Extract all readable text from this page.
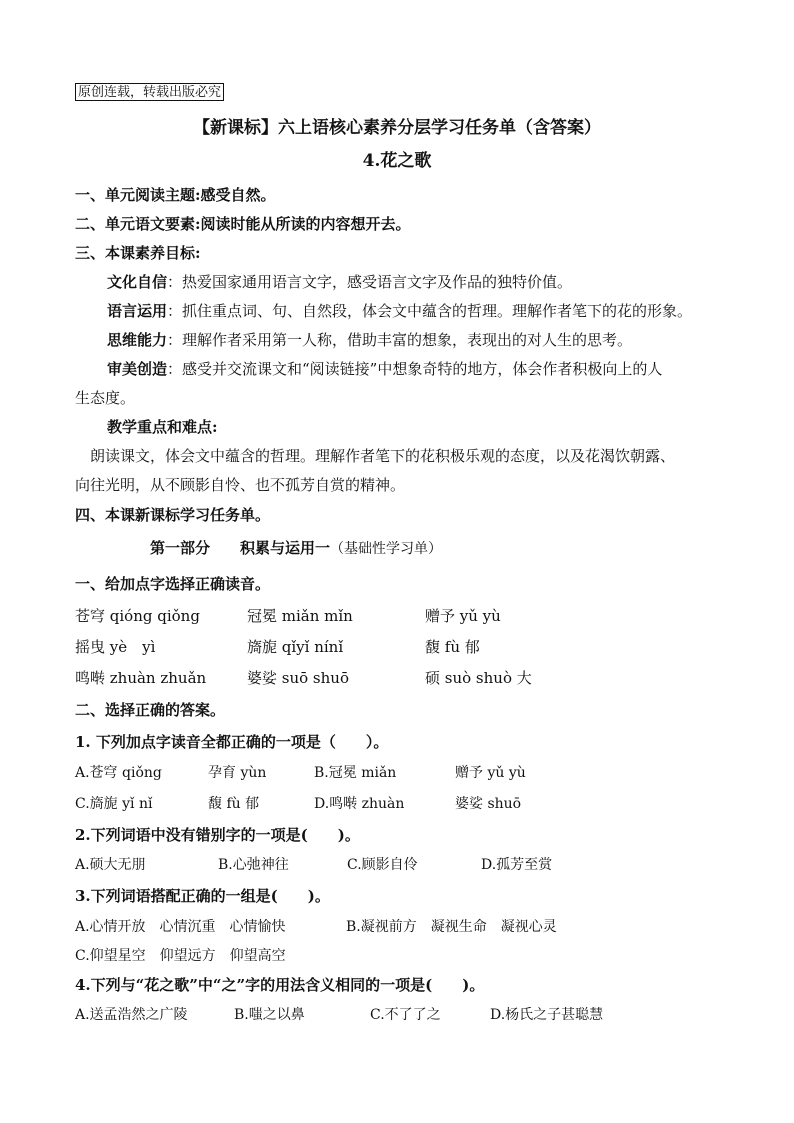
原创连载，转载出版必究
【新课标】六上语核心素养分层学习任务单（含答案）
4.花之歌
一、单元阅读主题:感受自然。
二、单元语文要素:阅读时能从所读的内容想开去。
三、本课素养目标:
文化自信：热爱国家通用语言文字，感受语言文字及作品的独特价值。
语言运用：抓住重点词、句、自然段，体会文中蕴含的哲理。理解作者笔下的花的形象。
思维能力：理解作者采用第一人称，借助丰富的想象，表现出的对人生的思考。
审美创造：感受并交流课文和“阅读链接”中想象奇特的地方，体会作者积极向上的人
生态度。
教学重点和难点:
朗读课文，体会文中蕴含的哲理。理解作者笔下的花积极乐观的态度，以及花渴饮朝露、
向往光明，从不顾影自怜、也不孤芳自赏的精神。
四、本课新课标学习任务单。
第一部分　　积累与运用一（基础性学习单）
一、给加点字选择正确读音。
苍穹 qióng qiǒng	冠冕 miǎn mǐn	赠予 yǔ yù
摇曳 yè　yì	旖旎 qǐyǐ nínǐ	馥 fù 郁
鸣啭 zhuàn zhuǎn	婆娑 suō shuō	硕 suò shuò 大
二、选择正确的答案。
1. 下列加点字读音全都正确的一项是（　　）。
A.苍穹 qiǒng	孕育 yùn	B.冠冕 miǎn	赠予 yǔ yù
C.旖旎 yǐ nǐ	馥 fù 郁	D.鸣啭 zhuàn	婆娑 shuō
2.下列词语中没有错别字的一项是(　　)。
A.硕大无朋	B.心弛神往	C.顾影自伶	D.孤芳至赏
3.下列词语搭配正确的一组是(　　)。
A.心情开放　心情沉重　心情愉快	B.凝视前方　凝视生命　凝视心灵
C.仰望星空　仰望远方　仰望高空
4.下列与“花之歌”中“之”字的用法含义相同的一项是(　　)。
A.送孟浩然之广陵	B.嗤之以鼻	C.不了了之	D.杨氏之子甚聪慧
